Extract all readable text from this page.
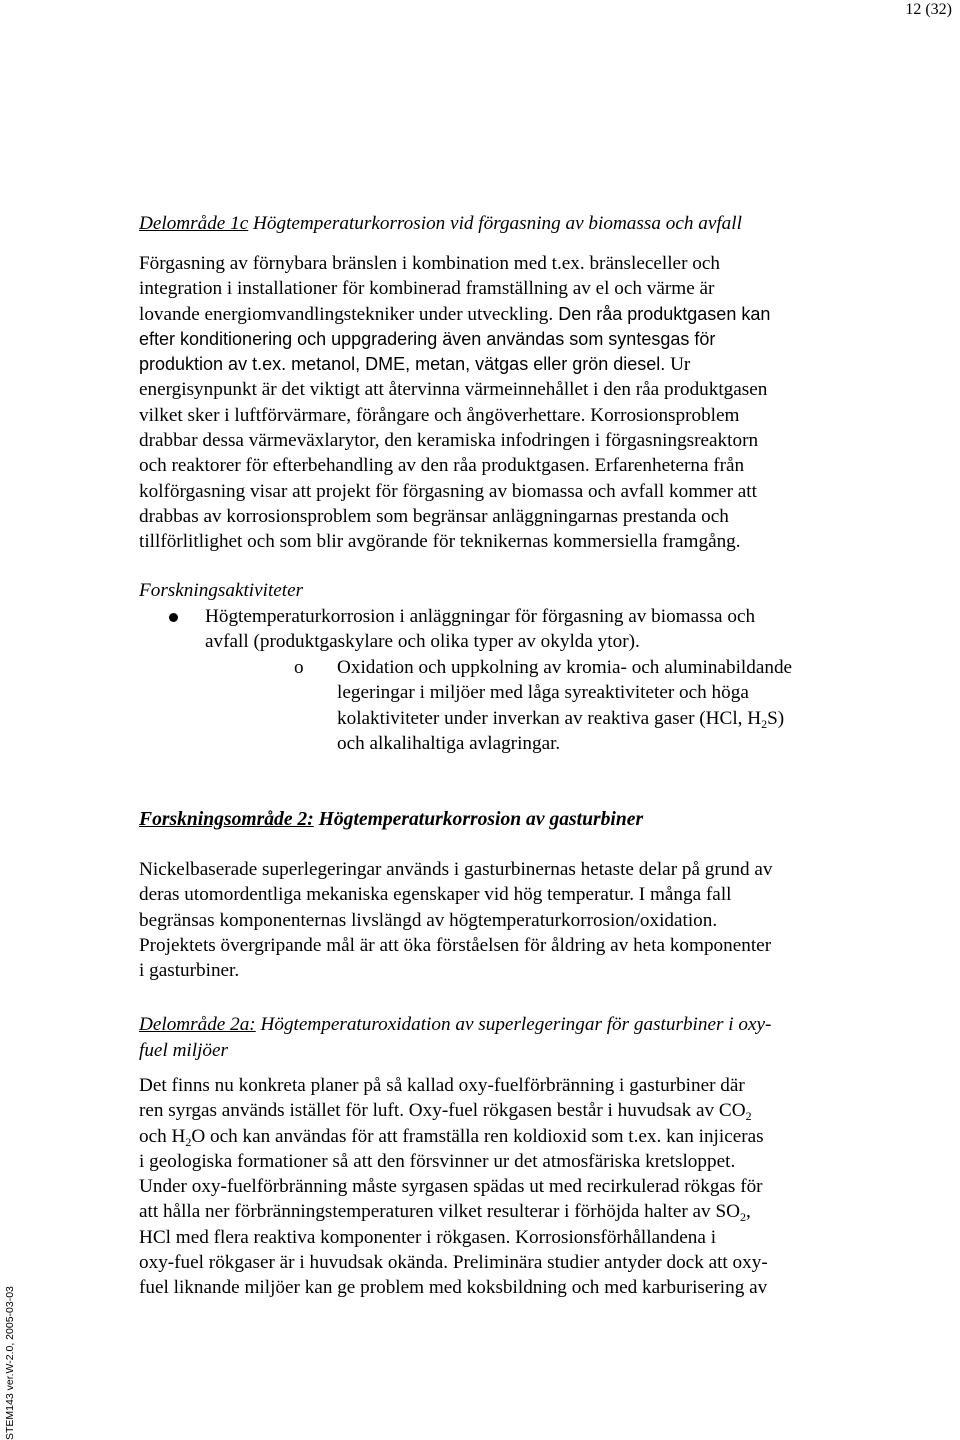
12 (32)
STEM143 ver.W-2.0, 2005-03-03
Delområde 1c Högtemperaturkorrosion vid förgasning av biomassa och avfall
Förgasning av förnybara bränslen i kombination med t.ex. bränsleceller och
integration i installationer för kombinerad framställning av el och värme är
lovande energiomvandlingstekniker under utveckling. Den råa produktgasen kan
efter konditionering och uppgradering även användas som syntesgas för
produktion av t.ex. metanol, DME, metan, vätgas eller grön diesel. Ur
energisynpunkt är det viktigt att återvinna värmeinnehållet i den råa produktgasen
vilket sker i luftförvärmare, förångare och ångöverhettare. Korrosionsproblem
drabbar dessa värmeväxlarytor, den keramiska infodringen i förgasningsreaktorn
och reaktorer för efterbehandling av den råa produktgasen. Erfarenheterna från
kolförgasning visar att projekt för förgasning av biomassa och avfall kommer att
drabbas av korrosionsproblem som begränsar anläggningarnas prestanda och
tillförlitlighet och som blir avgörande för teknikernas kommersiella framgång.
Forskningsaktiviteter
Högtemperaturkorrosion i anläggningar för förgasning av biomassa och
avfall (produktgaskylare och olika typer av okylda ytor).
o Oxidation och uppkolning av kromia- och aluminabildande
legeringar i miljöer med låga syreaktiviteter och höga
kolaktiviteter under inverkan av reaktiva gaser (HCl, $H_2S$)
och alkalihaltiga avlagringar.
Forskningsområde 2: Högtemperaturkorrosion av gasturbiner
Nickelbaserade superlegeringar används i gasturbinernas hetaste delar på grund av
deras utomordentliga mekaniska egenskaper vid hög temperatur. I många fall
begränsas komponenternas livslängd av högtemperaturkorrosion/oxidation.
Projektets övergripande mål är att öka förståelsen för åldring av heta komponenter
i gasturbiner.
Delområde 2a: Högtemperaturoxidation av superlegeringar för gasturbiner i oxy-
fuel miljöer
Det finns nu konkreta planer på så kallad oxy-fuelförbränning i gasturbiner där
ren syrgas används istället för luft. Oxy-fuel rökgasen består i huvudsak av $CO_2$
och $H_2O$ och kan användas för att framställa ren koldioxid som t.ex. kan injiceras
i geologiska formationer så att den försvinner ur det atmosfäriska kretsloppet.
Under oxy-fuelförbränning måste syrgasen spädas ut med recirkulerad rökgas för
att hålla ner förbränningstemperaturen vilket resulterar i förhöjda halter av $SO_2$,
HCl med flera reaktiva komponenter i rökgasen. Korrosionsförhållandena i
oxy-fuel rökgaser är i huvudsak okända. Preliminära studier antyder dock att oxy-
fuel liknande miljöer kan ge problem med koksbildning och med karburisering av
